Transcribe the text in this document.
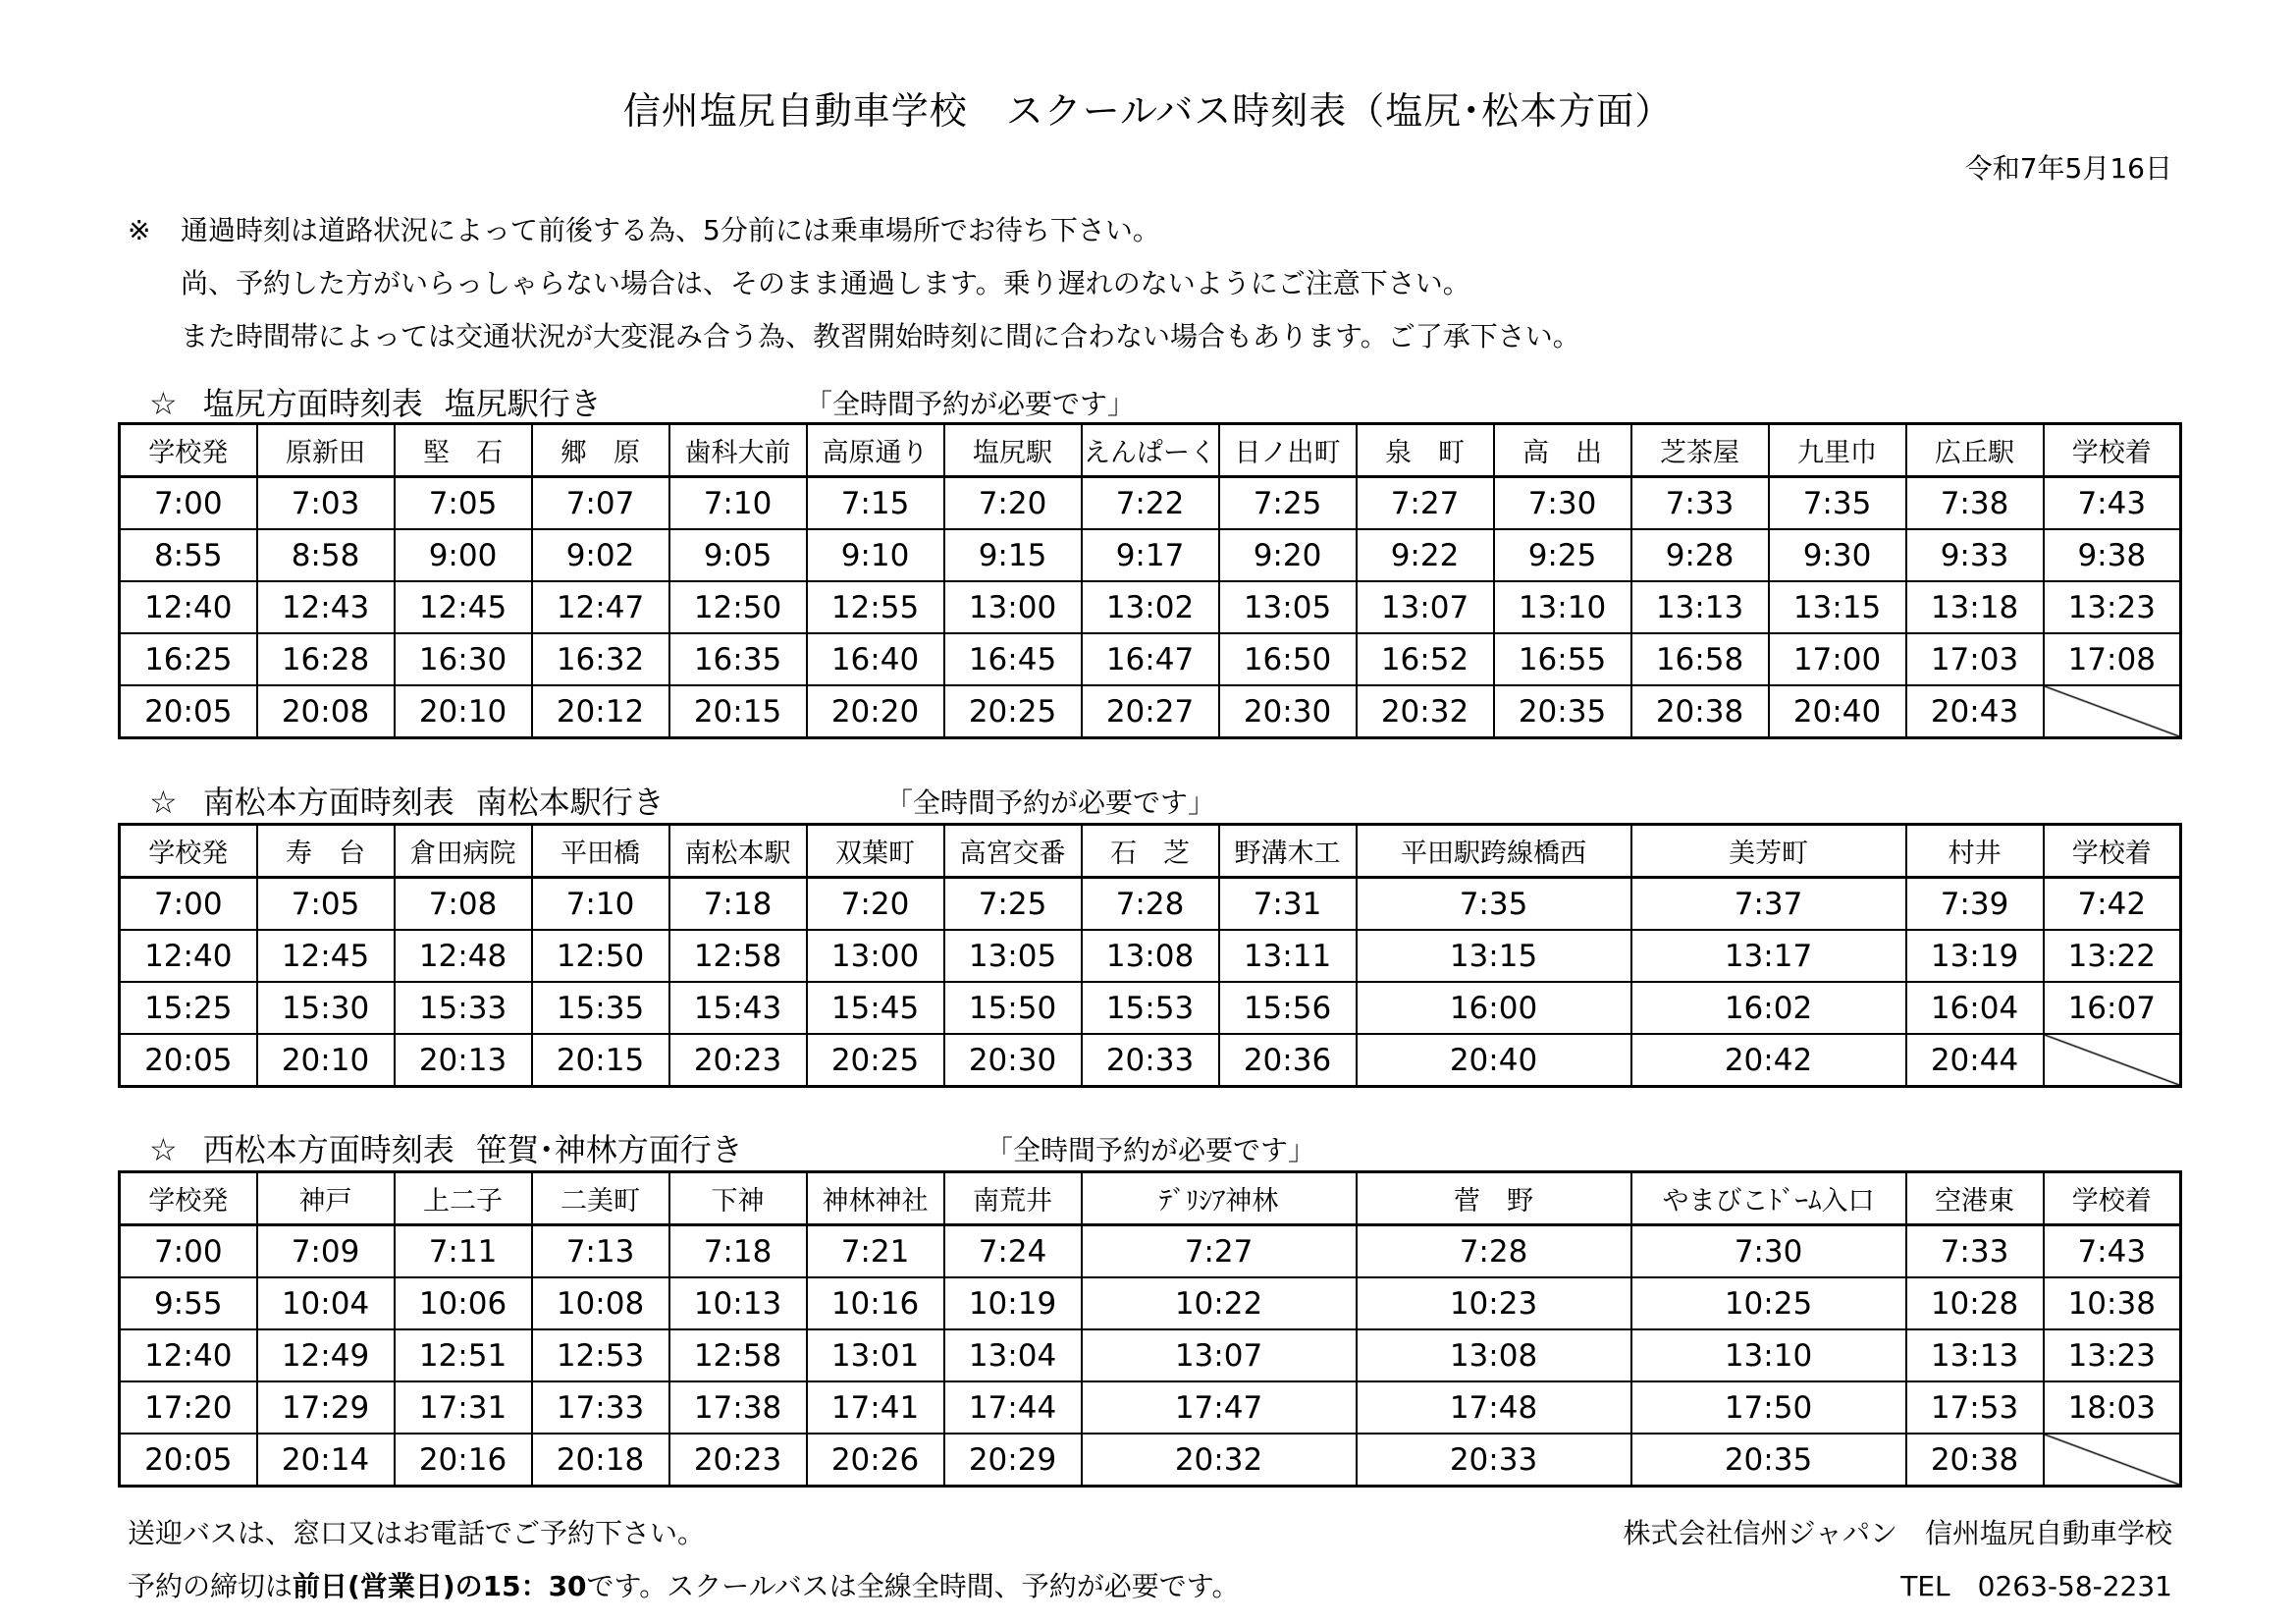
信州塩尻自動車学校　スクールバス時刻表（塩尻･松本方面）
令和7年5月16日
※	通過時刻は道路状況によって前後する為、5分前には乗車場所でお待ち下さい。
尚、予約した方がいらっしゃらない場合は、そのまま通過します。乗り遅れのないようにご注意下さい。
また時間帯によっては交通状況が大変混み合う為、教習開始時刻に間に合わない場合もあります。ご了承下さい。
☆ 塩尻方面時刻表 塩尻駅行き	「全時間予約が必要です」
学校発	原新田	堅　石	郷　原	歯科大前	高原通り	塩尻駅	えんぱーく	日ノ出町	泉　町	高　出	芝茶屋	九里巾	広丘駅	学校着
7:00	7:03	7:05	7:07	7:10	7:15	7:20	7:22	7:25	7:27	7:30	7:33	7:35	7:38	7:43
8:55	8:58	9:00	9:02	9:05	9:10	9:15	9:17	9:20	9:22	9:25	9:28	9:30	9:33	9:38
12:40	12:43	12:45	12:47	12:50	12:55	13:00	13:02	13:05	13:07	13:10	13:13	13:15	13:18	13:23
16:25	16:28	16:30	16:32	16:35	16:40	16:45	16:47	16:50	16:52	16:55	16:58	17:00	17:03	17:08
20:05	20:08	20:10	20:12	20:15	20:20	20:25	20:27	20:30	20:32	20:35	20:38	20:40	20:43	
☆ 南松本方面時刻表 南松本駅行き	「全時間予約が必要です」
学校発	寿　台	倉田病院	平田橋	南松本駅	双葉町	高宮交番	石　芝	野溝木工	平田駅跨線橋西	美芳町	村井	学校着
7:00	7:05	7:08	7:10	7:18	7:20	7:25	7:28	7:31	7:35	7:37	7:39	7:42
12:40	12:45	12:48	12:50	12:58	13:00	13:05	13:08	13:11	13:15	13:17	13:19	13:22
15:25	15:30	15:33	15:35	15:43	15:45	15:50	15:53	15:56	16:00	16:02	16:04	16:07
20:05	20:10	20:13	20:15	20:23	20:25	20:30	20:33	20:36	20:40	20:42	20:44	
☆ 西松本方面時刻表 笹賀･神林方面行き	「全時間予約が必要です」
学校発	神戸	上二子	二美町	下神	神林神社	南荒井	ﾃﾞﾘｼｱ神林	菅　野	やまびこﾄﾞｰﾑ入口	空港東	学校着
7:00	7:09	7:11	7:13	7:18	7:21	7:24	7:27	7:28	7:30	7:33	7:43
9:55	10:04	10:06	10:08	10:13	10:16	10:19	10:22	10:23	10:25	10:28	10:38
12:40	12:49	12:51	12:53	12:58	13:01	13:04	13:07	13:08	13:10	13:13	13:23
17:20	17:29	17:31	17:33	17:38	17:41	17:44	17:47	17:48	17:50	17:53	18:03
20:05	20:14	20:16	20:18	20:23	20:26	20:29	20:32	20:33	20:35	20:38	
送迎バスは、窓口又はお電話でご予約下さい。
予約の締切は前日(営業日)の15：30です。スクールバスは全線全時間、予約が必要です。
株式会社信州ジャパン　信州塩尻自動車学校
TEL　0263-58-2231
